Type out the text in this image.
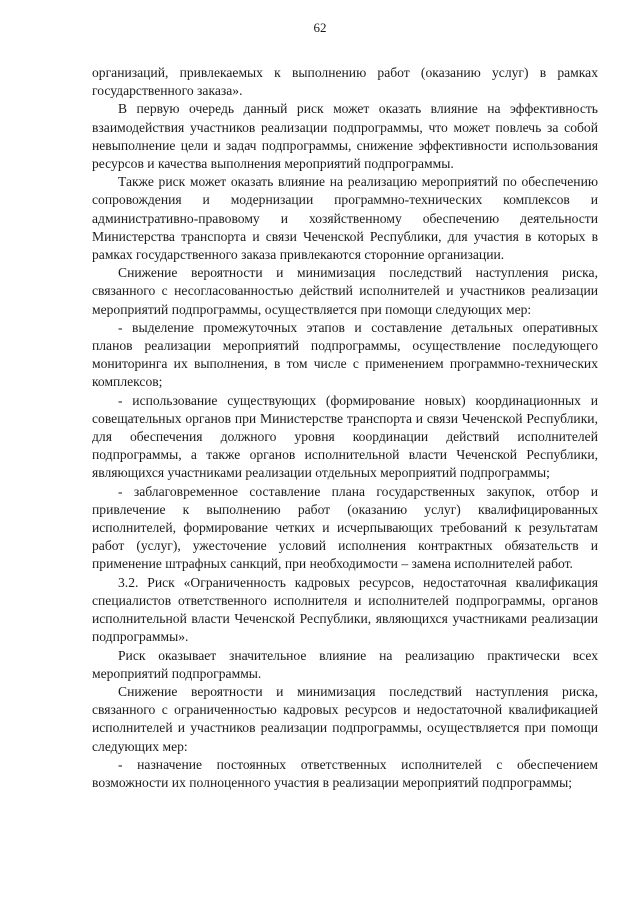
62

организаций, привлекаемых к выполнению работ (оказанию услуг) в рамках государственного заказа».

В первую очередь данный риск может оказать влияние на эффективность взаимодействия участников реализации подпрограммы, что может повлечь за собой невыполнение цели и задач подпрограммы, снижение эффективности использования ресурсов и качества выполнения мероприятий подпрограммы.

Также риск может оказать влияние на реализацию мероприятий по обеспечению сопровождения и модернизации программно-технических комплексов и административно-правовому и хозяйственному обеспечению деятельности Министерства транспорта и связи Чеченской Республики, для участия в которых в рамках государственного заказа привлекаются сторонние организации.

Снижение вероятности и минимизация последствий наступления риска, связанного с несогласованностью действий исполнителей и участников реализации мероприятий подпрограммы, осуществляется при помощи следующих мер:

- выделение промежуточных этапов и составление детальных оперативных планов реализации мероприятий подпрограммы, осуществление последующего мониторинга их выполнения, в том числе с применением программно-технических комплексов;

- использование существующих (формирование новых) координационных и совещательных органов при Министерстве транспорта и связи Чеченской Республики, для обеспечения должного уровня координации действий исполнителей подпрограммы, а также органов исполнительной власти Чеченской Республики, являющихся участниками реализации отдельных мероприятий подпрограммы;

- заблаговременное составление плана государственных закупок, отбор и привлечение к выполнению работ (оказанию услуг) квалифицированных исполнителей, формирование четких и исчерпывающих требований к результатам работ (услуг), ужесточение условий исполнения контрактных обязательств и применение штрафных санкций, при необходимости – замена исполнителей работ.

3.2. Риск «Ограниченность кадровых ресурсов, недостаточная квалификация специалистов ответственного исполнителя и исполнителей подпрограммы, органов исполнительной власти Чеченской Республики, являющихся участниками реализации подпрограммы».

Риск оказывает значительное влияние на реализацию практически всех мероприятий подпрограммы.

Снижение вероятности и минимизация последствий наступления риска, связанного с ограниченностью кадровых ресурсов и недостаточной квалификацией исполнителей и участников реализации подпрограммы, осуществляется при помощи следующих мер:

- назначение постоянных ответственных исполнителей с обеспечением возможности их полноценного участия в реализации мероприятий подпрограммы;
